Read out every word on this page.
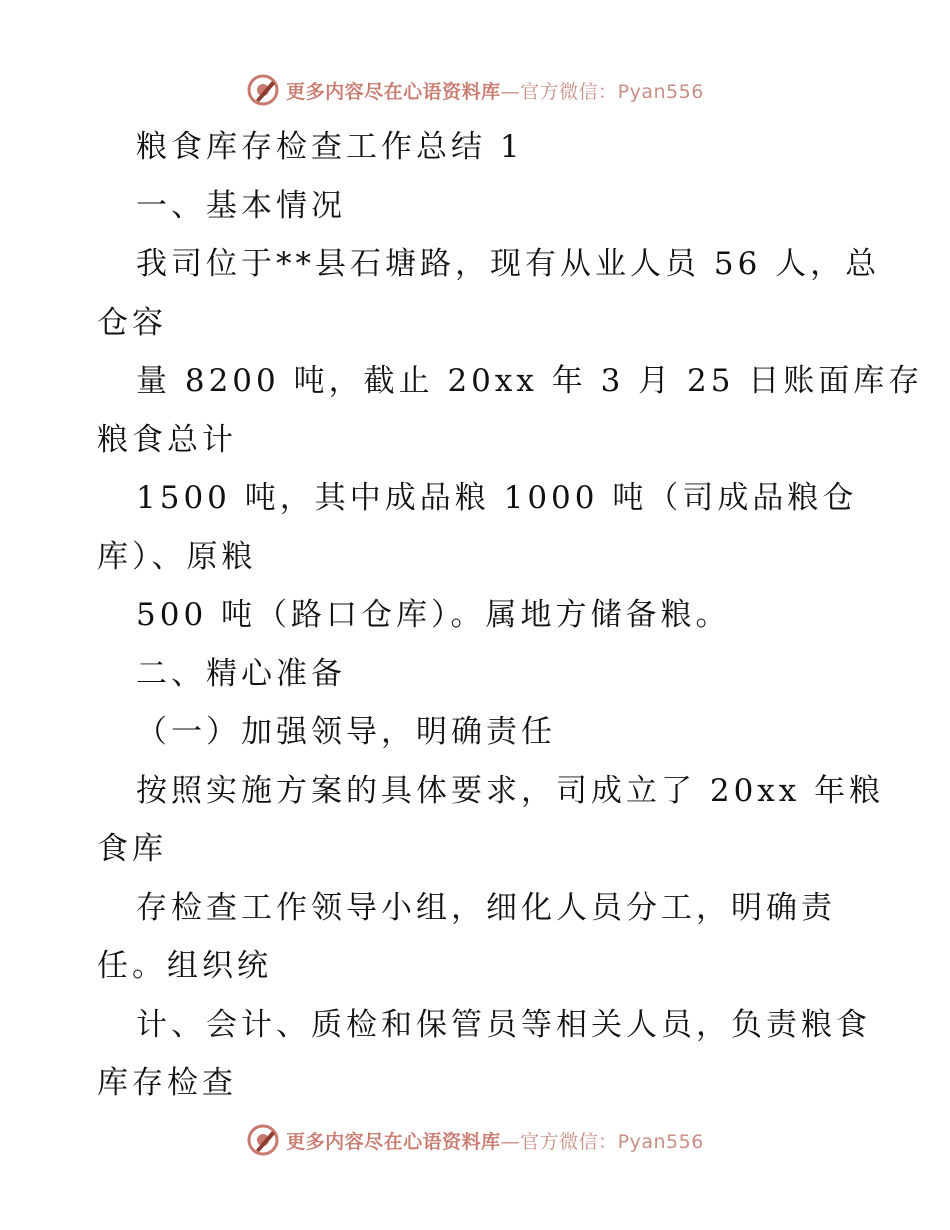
更多内容尽在心语资料库—官方微信：Pyan556
粮食库存检查工作总结 1
一、基本情况
我司位于**县石塘路，现有从业人员 56 人，总
仓容
量 8200 吨，截止 20xx 年 3 月 25 日账面库存
粮食总计
1500 吨，其中成品粮 1000 吨（司成品粮仓
库）、原粮
500 吨（路口仓库）。属地方储备粮。
二、精心准备
（一）加强领导，明确责任
按照实施方案的具体要求，司成立了 20xx 年粮
食库
存检查工作领导小组，细化人员分工，明确责
任。组织统
计、会计、质检和保管员等相关人员，负责粮食
库存检查
更多内容尽在心语资料库—官方微信：Pyan556
